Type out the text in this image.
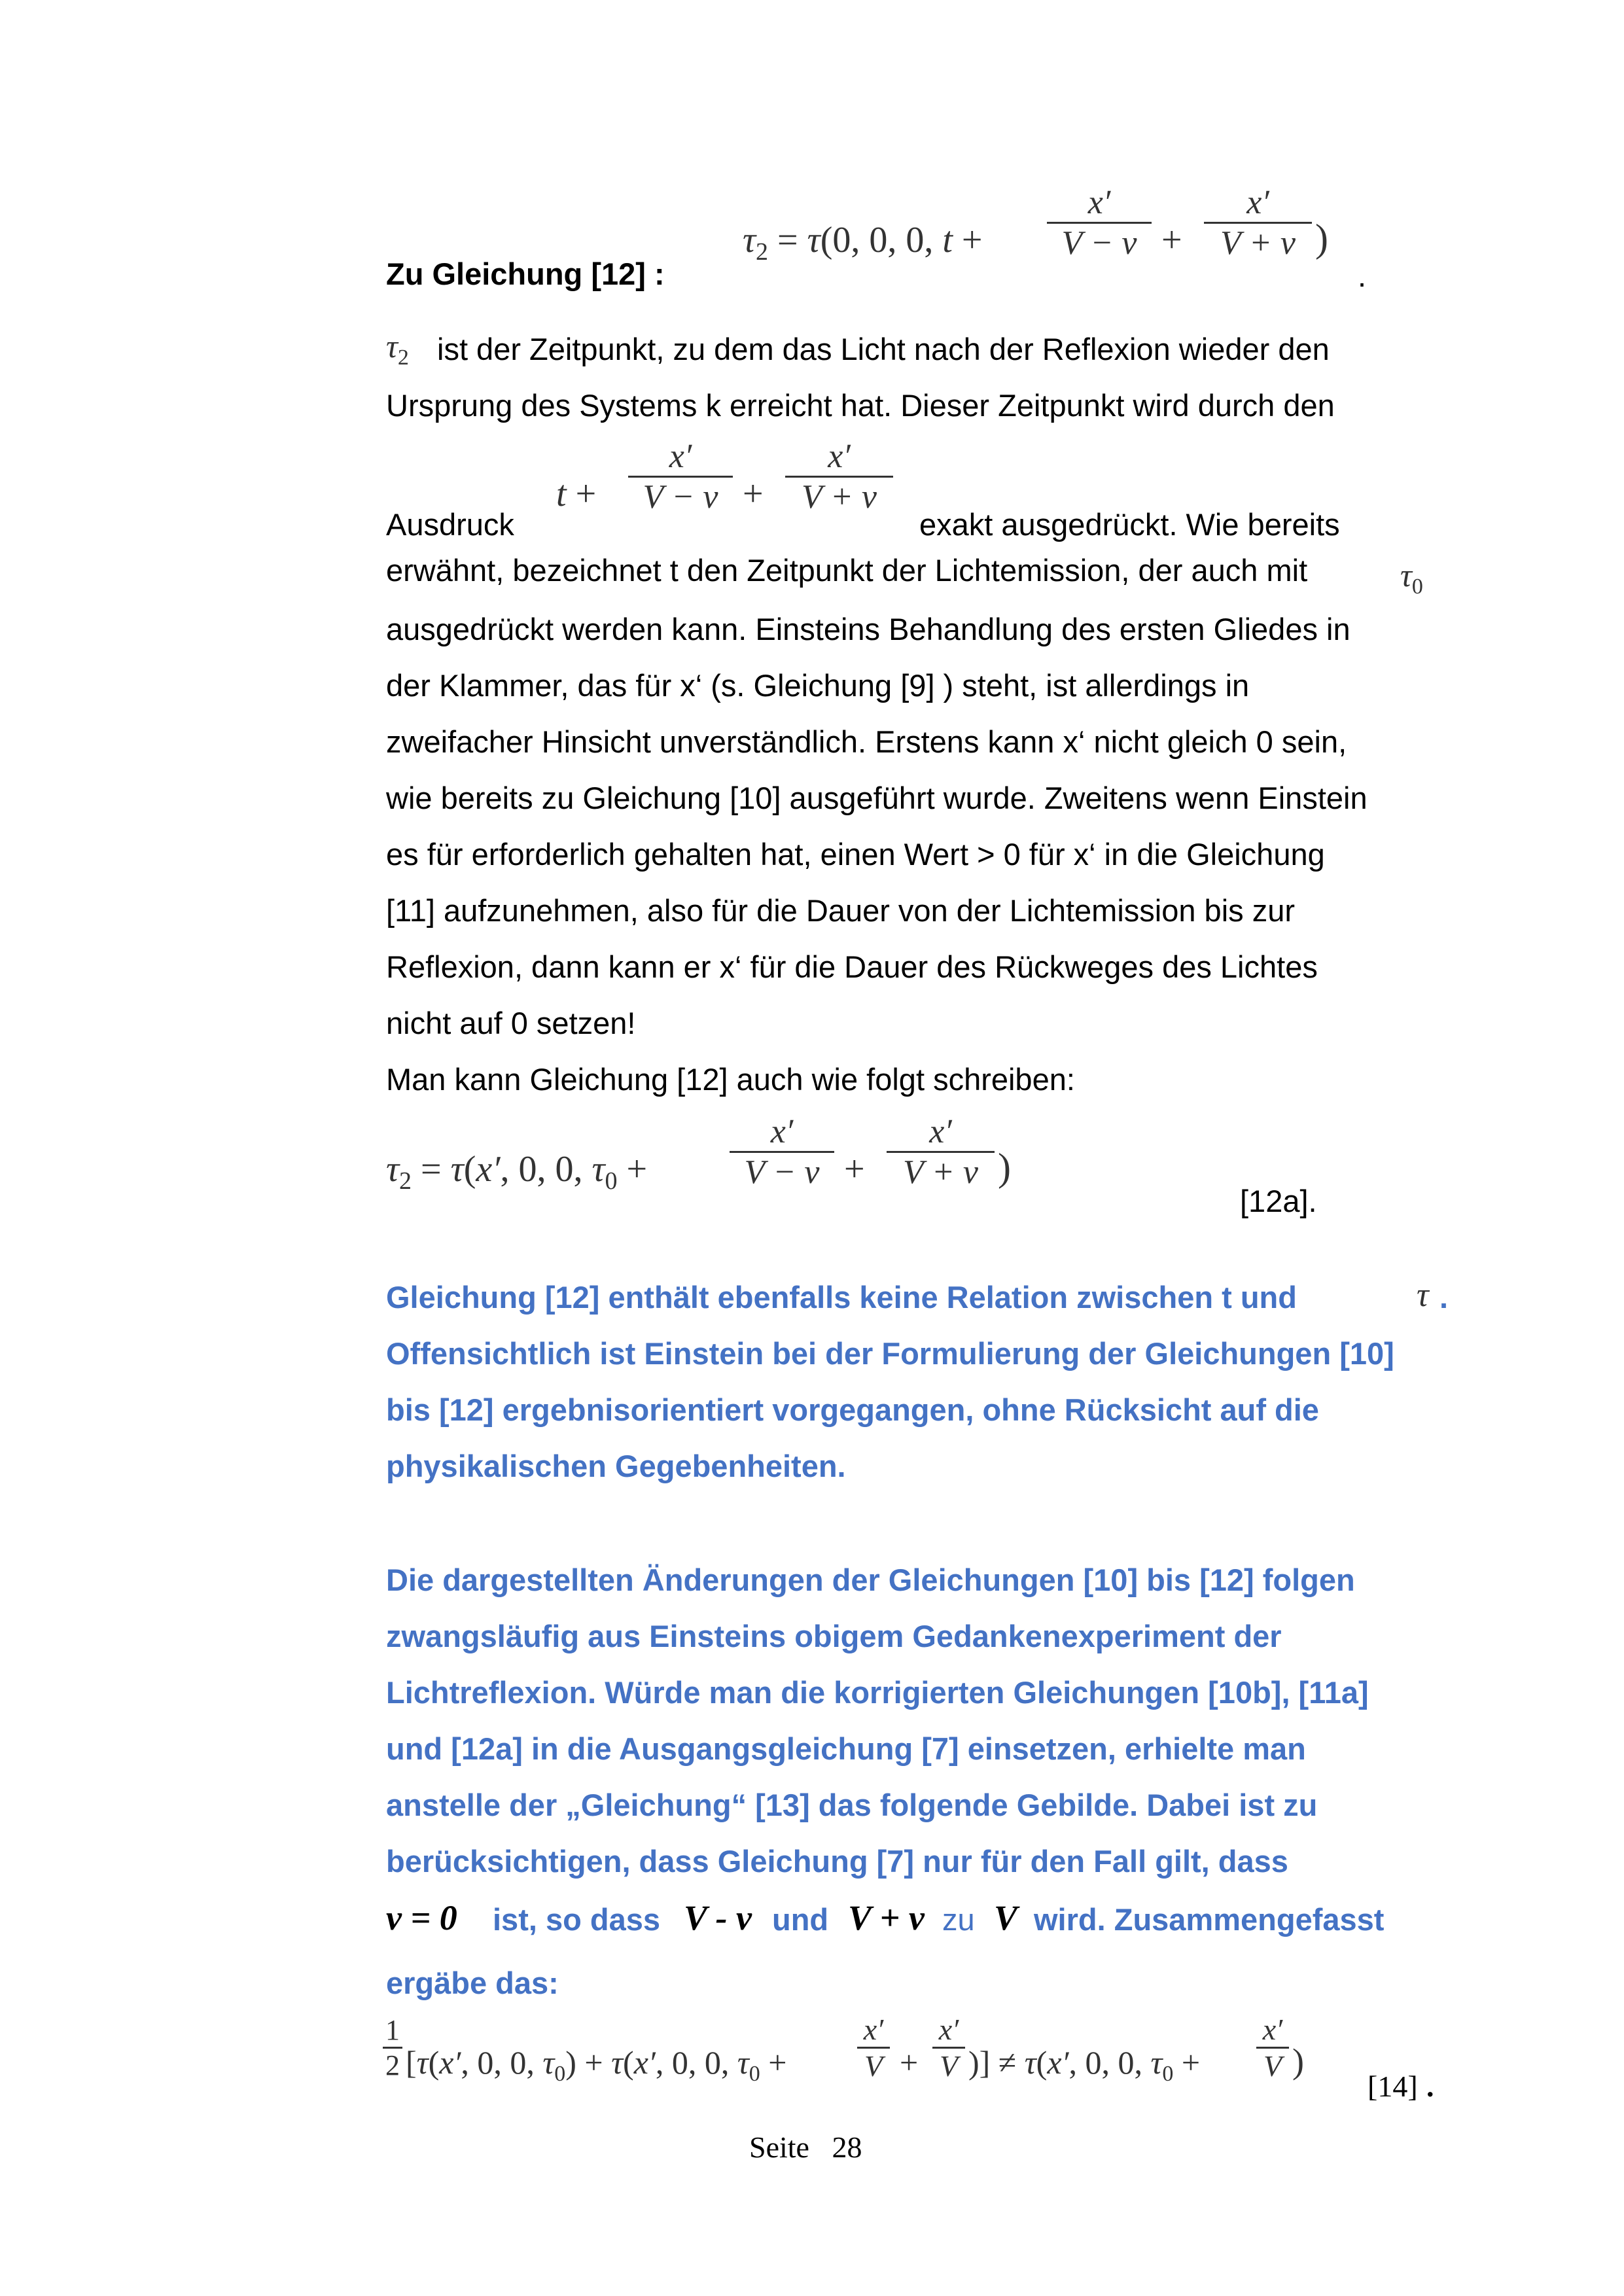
Zu Gleichung [12] :
$\tau_2 = \tau(0$, 0, 0, t +
x′
V − v +
x′
V + v )
.
$\tau_2$ ist der Zeitpunkt, zu dem das Licht nach der Reflexion wieder den
Ursprung des Systems k erreicht hat. Dieser Zeitpunkt wird durch den
Ausdruck
t +
x′
V − v +
x′
V + v
exakt ausgedrückt. Wie bereits
erwähnt, bezeichnet t den Zeitpunkt der Lichtemission, der auch mit	$\tau_0$
ausgedrückt werden kann. Einsteins Behandlung des ersten Gliedes in
der Klammer, das für x‘ (s. Gleichung [9] ) steht, ist allerdings in
zweifacher Hinsicht unverständlich. Erstens kann x‘ nicht gleich 0 sein,
wie bereits zu Gleichung [10] ausgeführt wurde. Zweitens wenn Einstein
es für erforderlich gehalten hat, einen Wert > 0 für x‘ in die Gleichung
[11] aufzunehmen, also für die Dauer von der Lichtemission bis zur
Reflexion, dann kann er x‘ für die Dauer des Rückweges des Lichtes
nicht auf 0 setzen!
Man kann Gleichung [12] auch wie folgt schreiben:
$\tau_2 = \tau(x'$, 0, 0, $\tau_0$ +
x′
V − v +
x′
V + v )
[12a].
Gleichung [12] enthält ebenfalls keine Relation zwischen t und	τ .
Offensichtlich ist Einstein bei der Formulierung der Gleichungen [10]
bis [12] ergebnisorientiert vorgegangen, ohne Rücksicht auf die
physikalischen Gegebenheiten.
Die dargestellten Änderungen der Gleichungen [10] bis [12] folgen
zwangsläufig aus Einsteins obigem Gedankenexperiment der
Lichtreflexion. Würde man die korrigierten Gleichungen [10b], [11a]
und [12a] in die Ausgangsgleichung [7] einsetzen, erhielte man
anstelle der „Gleichung“ [13] das folgende Gebilde. Dabei ist zu
berücksichtigen, dass Gleichung [7] nur für den Fall gilt, dass
v = 0 ist, so dass V - v und V + v zu V wird. Zusammengefasst
ergäbe das:
1
2 [τ(x′, 0, 0, $\tau_0) + \tau(x'$, 0, 0, $\tau_0$ +
x′
V +
x′
V )] ≠ τ(x′, 0, 0, $\tau_0$ +
x′
V )
[14] .
Seite   28
